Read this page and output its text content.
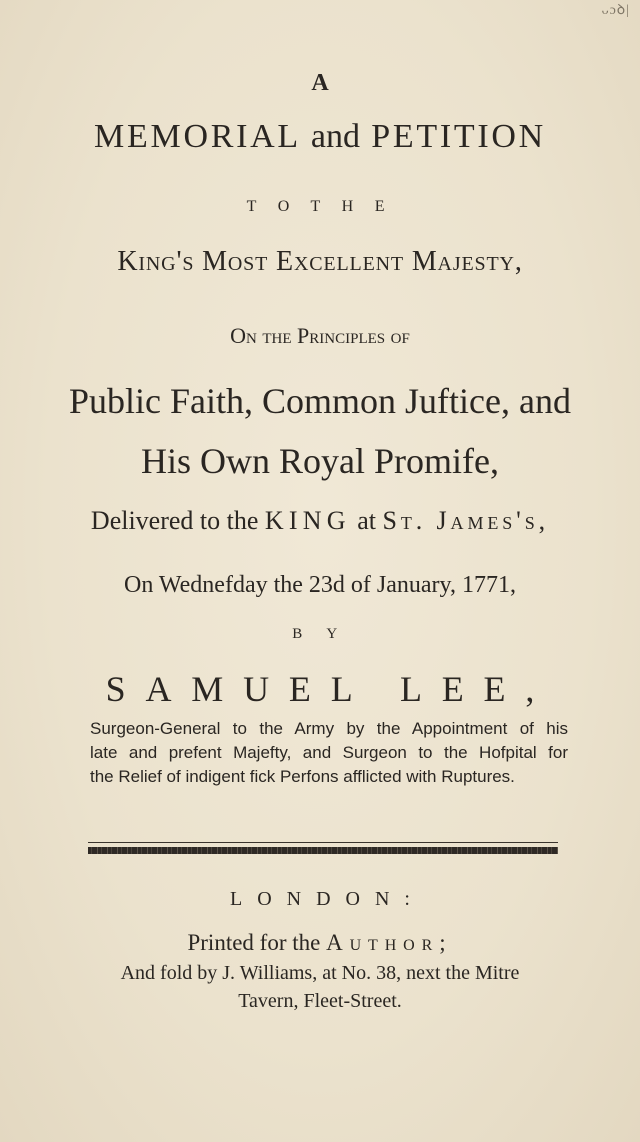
ᴗɔꝺ|
A
MEMORIAL and PETITION
T O T H E
King's Most Excellent Majesty,
On the Principles of
Public Faith, Common Juftice, and
His Own Royal Promife,
Delivered to the KING at St. James's,
On Wednefday the 23d of January, 1771,
B Y
SAMUEL LEE,
Surgeon-General to the Army by the Appointment of his
late and prefent Majefty, and Surgeon to the Hofpital for
the Relief of indigent fick Perfons afflicted with Ruptures.
LONDON:
Printed for the Author;
And fold by J. Williams, at No. 38, next the Mitre
Tavern, Fleet-Street.
